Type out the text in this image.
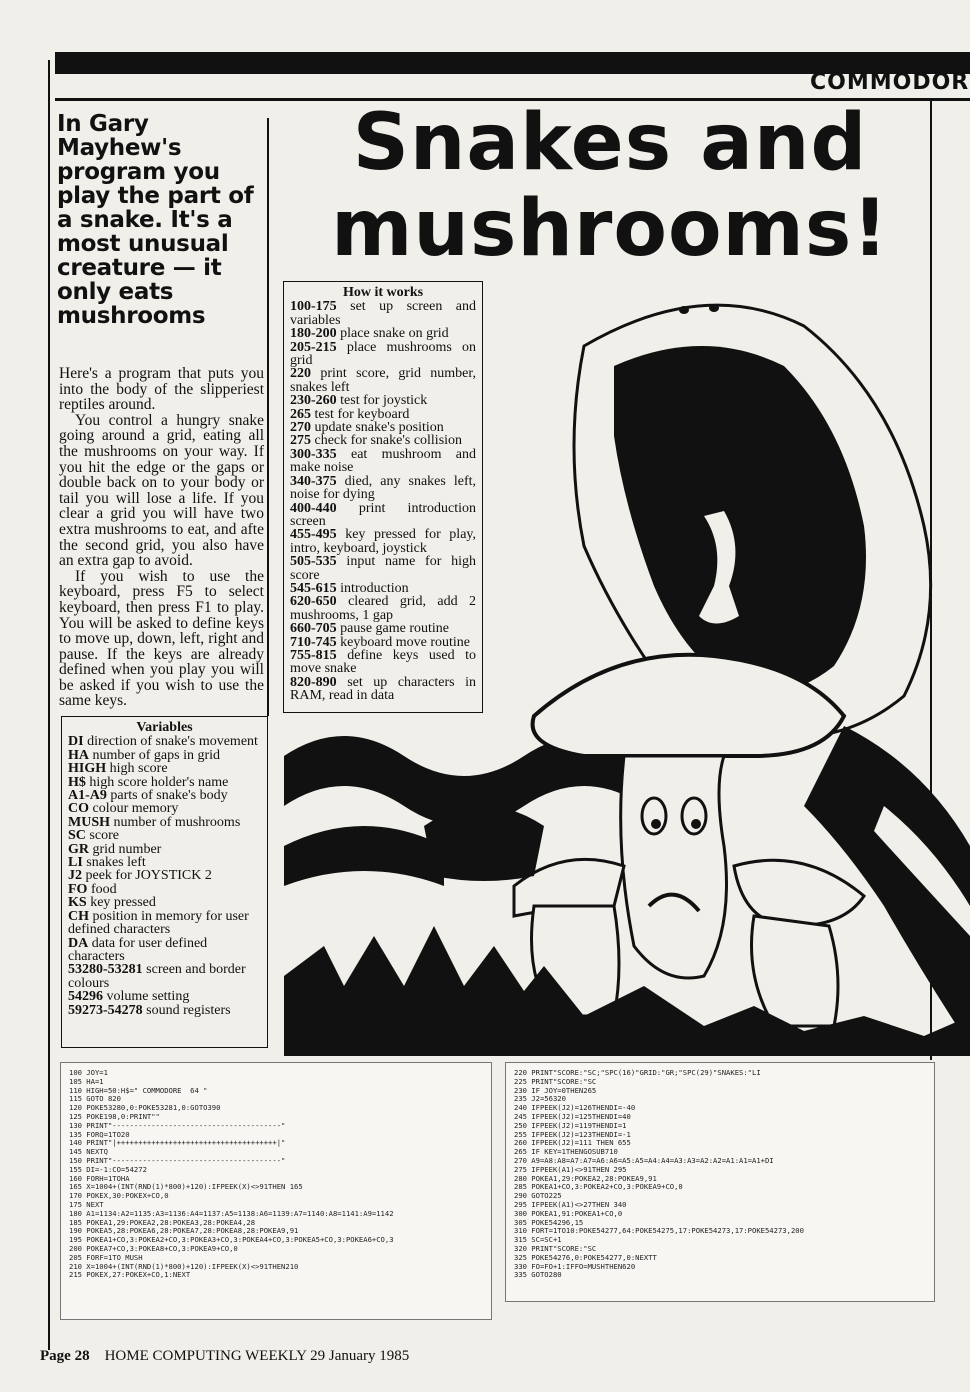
COMMODOR
In Gary Mayhew's program you play the part of a snake. It's a most unusual creature — it only eats mushrooms

Here's a program that puts you into the body of the slipperiest reptiles around.

You control a hungry snake going around a grid, eating all the mushrooms on your way. If you hit the edge or the gaps or double back on to your body or tail you will lose a life. If you clear a grid you will have two extra mushrooms to eat, and afte the second grid, you also have an extra gap to avoid.

If you wish to use the keyboard, press F5 to select keyboard, then press F1 to play. You will be asked to define keys to move up, down, left, right and pause. If the keys are already defined when you play you will be asked if you wish to use the same keys.

Snakes and
mushrooms!
How it works
100-175 set up screen and variables
180-200 place snake on grid
205-215 place mushrooms on grid
220 print score, grid number, snakes left
230-260 test for joystick
265 test for keyboard
270 update snake's position
275 check for snake's collision
300-335 eat mushroom and make noise
340-375 died, any snakes left, noise for dying
400-440 print introduction screen
455-495 key pressed for play, intro, keyboard, joystick
505-535 input name for high score
545-615 introduction
620-650 cleared grid, add 2 mushrooms, 1 gap
660-705 pause game routine
710-745 keyboard move routine
755-815 define keys used to move snake
820-890 set up characters in RAM, read in data
Variables
DI direction of snake's movement
HA number of gaps in grid
HIGH high score
H$ high score holder's name
A1-A9 parts of snake's body
CO colour memory
MUSH number of mushrooms
SC score
GR grid number
LI snakes left
J2 peek for JOYSTICK 2
FO food
KS key pressed
CH position in memory for user defined characters
DA data for user defined characters
53280-53281 screen and border colours
54296 volume setting
59273-54278 sound registers
100 JOY=1
105 HA=1
110 HIGH=50:H$=" COMMODORE  64 "
115 GOTO 820
120 POKE53280,0:POKE53281,0:GOTO390
125 POKE198,0:PRINT""
130 PRINT"---------------------------------------"
135 FORQ=1TO20
140 PRINT"|+++++++++++++++++++++++++++++++++++++|"
145 NEXTQ
150 PRINT"---------------------------------------"
155 DI=-1:CO=54272
160 FORH=1TOHA
165 X=1004+(INT(RND(1)*800)+120):IFPEEK(X)<>91THEN 165
170 POKEX,30:POKEX+CO,0
175 NEXT
180 A1=1134:A2=1135:A3=1136:A4=1137:A5=1138:A6=1139:A7=1140:A8=1141:A9=1142
185 POKEA1,29:POKEA2,28:POKEA3,28:POKEA4,28
190 POKEA5,28:POKEA6,28:POKEA7,28:POKEA8,28:POKEA9,91
195 POKEA1+CO,3:POKEA2+CO,3:POKEA3+CO,3:POKEA4+CO,3:POKEA5+CO,3:POKEA6+CO,3
200 POKEA7+CO,3:POKEA8+CO,3:POKEA9+CO,0
205 FORF=1TO MUSH
210 X=1004+(INT(RND(1)*800)+120):IFPEEK(X)<>91THEN210
215 POKEX,27:POKEX+CO,1:NEXT
220 PRINT"SCORE:"SC;"SPC(16)"GRID:"GR;"SPC(29)"SNAKES:"LI
225 PRINT"SCORE:"SC
230 IF JOY=0THEN265
235 J2=56320
240 IFPEEK(J2)=126THENDI=-40
245 IFPEEK(J2)=125THENDI=40
250 IFPEEK(J2)=119THENDI=1
255 IFPEEK(J2)=123THENDI=-1
260 IFPEEK(J2)=111 THEN 655
265 IF KEY=1THENGOSUB710
270 A9=A8:A8=A7:A7=A6:A6=A5:A5=A4:A4=A3:A3=A2:A2=A1:A1=A1+DI
275 IFPEEK(A1)<>91THEN 295
280 POKEA1,29:POKEA2,28:POKEA9,91
285 POKEA1+CO,3:POKEA2+CO,3:POKEA9+CO,0
290 GOTO225
295 IFPEEK(A1)<>27THEN 340
300 POKEA1,91:POKEA1+CO,0
305 POKE54296,15
310 FORT=1TO10:POKE54277,64:POKE54275,17:POKE54273,17:POKE54273,200
315 SC=SC+1
320 PRINT"SCORE:"SC
325 POKE54276,0:POKE54277,0:NEXTT
330 FO=FO+1:IFFO=MUSHTHEN620
335 GOTO280
Page 28 HOME COMPUTING WEEKLY 29 January 1985
